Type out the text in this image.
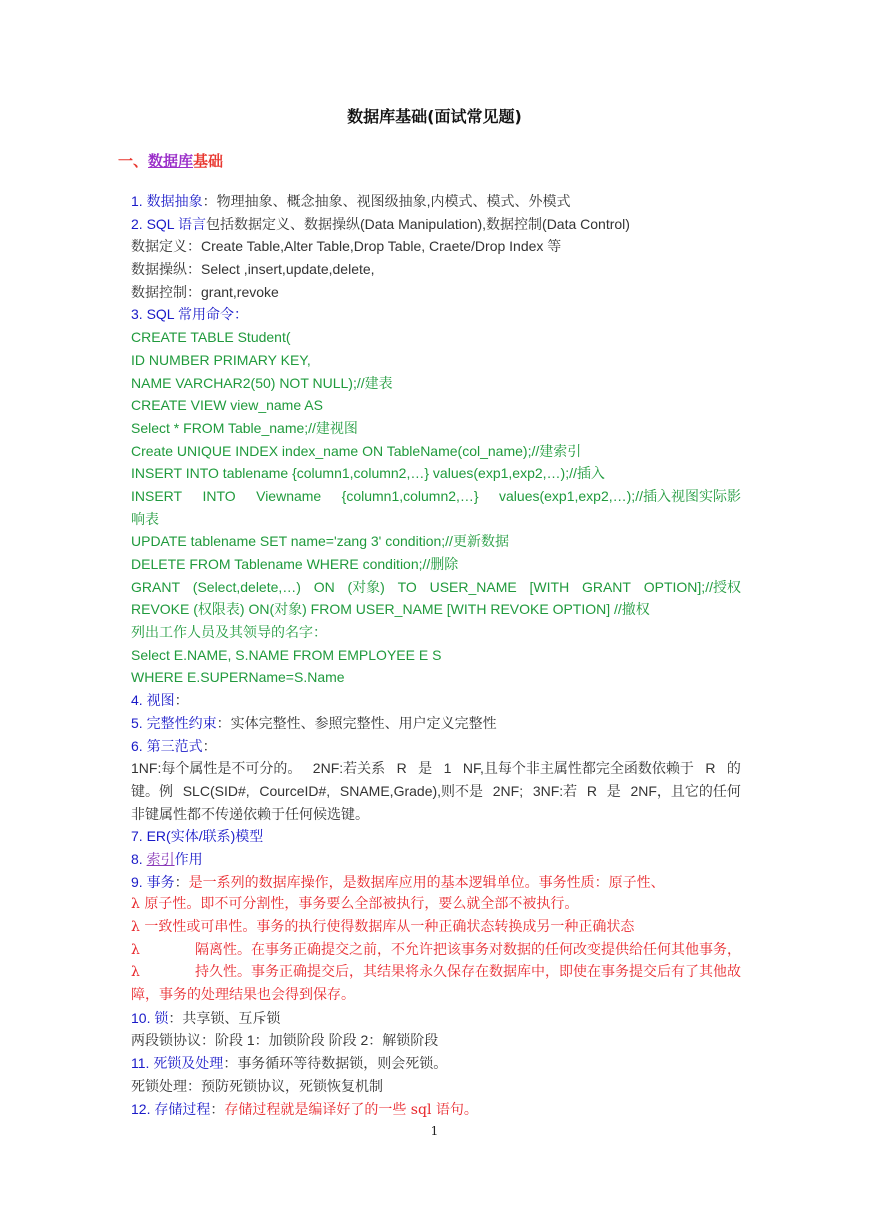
数据库基础(面试常见题)
一、数据库基础
1. 数据抽象：物理抽象、概念抽象、视图级抽象,内模式、模式、外模式
2. SQL 语言包括数据定义、数据操纵(Data Manipulation),数据控制(Data Control)
数据定义：Create Table,Alter Table,Drop Table, Craete/Drop Index 等
数据操纵：Select ,insert,update,delete,
数据控制：grant,revoke
3. SQL 常用命令：
CREATE TABLE Student(
ID NUMBER PRIMARY KEY,
NAME VARCHAR2(50) NOT NULL);//建表
CREATE VIEW view_name AS
Select * FROM Table_name;//建视图
Create UNIQUE INDEX index_name ON TableName(col_name);//建索引
INSERT INTO tablename {column1,column2,…} values(exp1,exp2,…);//插入
INSERT INTO Viewname {column1,column2,…} values(exp1,exp2,…);//插入视图实际影
响表
UPDATE tablename SET name='zang 3' condition;//更新数据
DELETE FROM Tablename WHERE condition;//删除
GRANT (Select,delete,…) ON (对象) TO USER_NAME [WITH GRANT OPTION];//授权
REVOKE (权限表) ON(对象) FROM USER_NAME [WITH REVOKE OPTION] //撤权
列出工作人员及其领导的名字：
Select E.NAME, S.NAME FROM EMPLOYEE E S
WHERE E.SUPERName=S.Name
4. 视图：
5. 完整性约束：实体完整性、参照完整性、用户定义完整性
6. 第三范式：
1NF:每个属性是不可分的。 2NF:若关系 R 是 1 NF,且每个非主属性都完全函数依赖于 R 的
键。例 SLC(SID#, CourceID#, SNAME,Grade),则不是 2NF; 3NF:若 R 是 2NF，且它的任何
非键属性都不传递依赖于任何候选键。
7. ER(实体/联系)模型
8. 索引作用
9. 事务：是一系列的数据库操作，是数据库应用的基本逻辑单位。事务性质：原子性、
λ 原子性。即不可分割性，事务要么全部被执行，要么就全部不被执行。
λ 一致性或可串性。事务的执行使得数据库从一种正确状态转换成另一种正确状态
λ	隔离性。在事务正确提交之前，不允许把该事务对数据的任何改变提供给任何其他事务，
λ	持久性。事务正确提交后，其结果将永久保存在数据库中，即使在事务提交后有了其他故
障，事务的处理结果也会得到保存。
10. 锁：共享锁、互斥锁
两段锁协议：阶段 1：加锁阶段 阶段 2：解锁阶段
11. 死锁及处理：事务循环等待数据锁，则会死锁。
死锁处理：预防死锁协议，死锁恢复机制
12. 存储过程：存储过程就是编译好了的一些 sql 语句。
1
